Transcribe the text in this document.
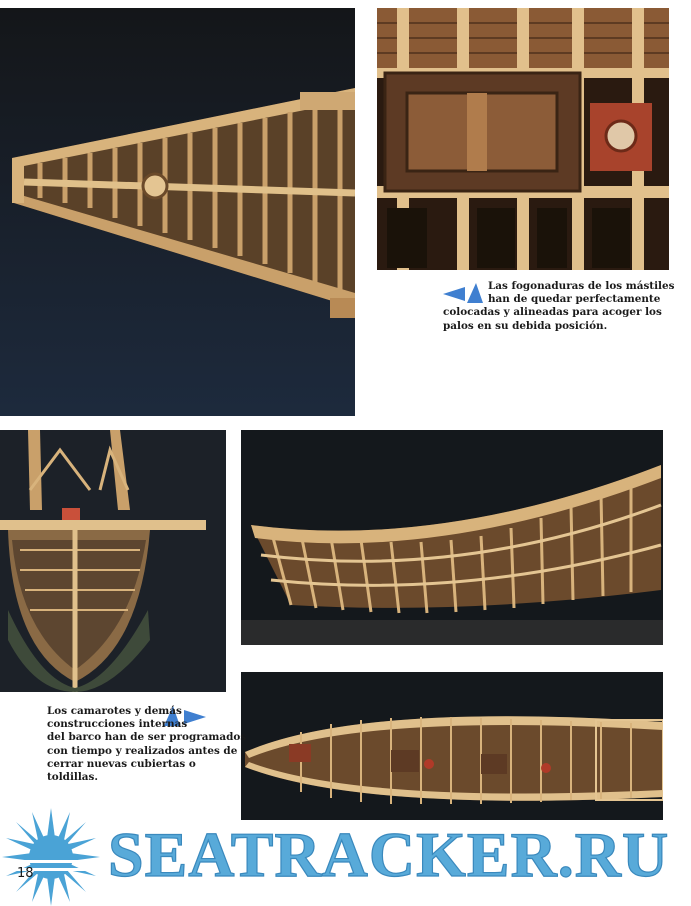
Las fogonaduras de los mástiles
han de quedar perfectamente
colocadas y alineadas para acoger los
palos en su debida posición.
Los camarotes y demás
construcciones internas
del barco han de ser programados
con tiempo y realizados antes de
cerrar nuevas cubiertas o
toldillas.
18 SEATRACKER.RU
